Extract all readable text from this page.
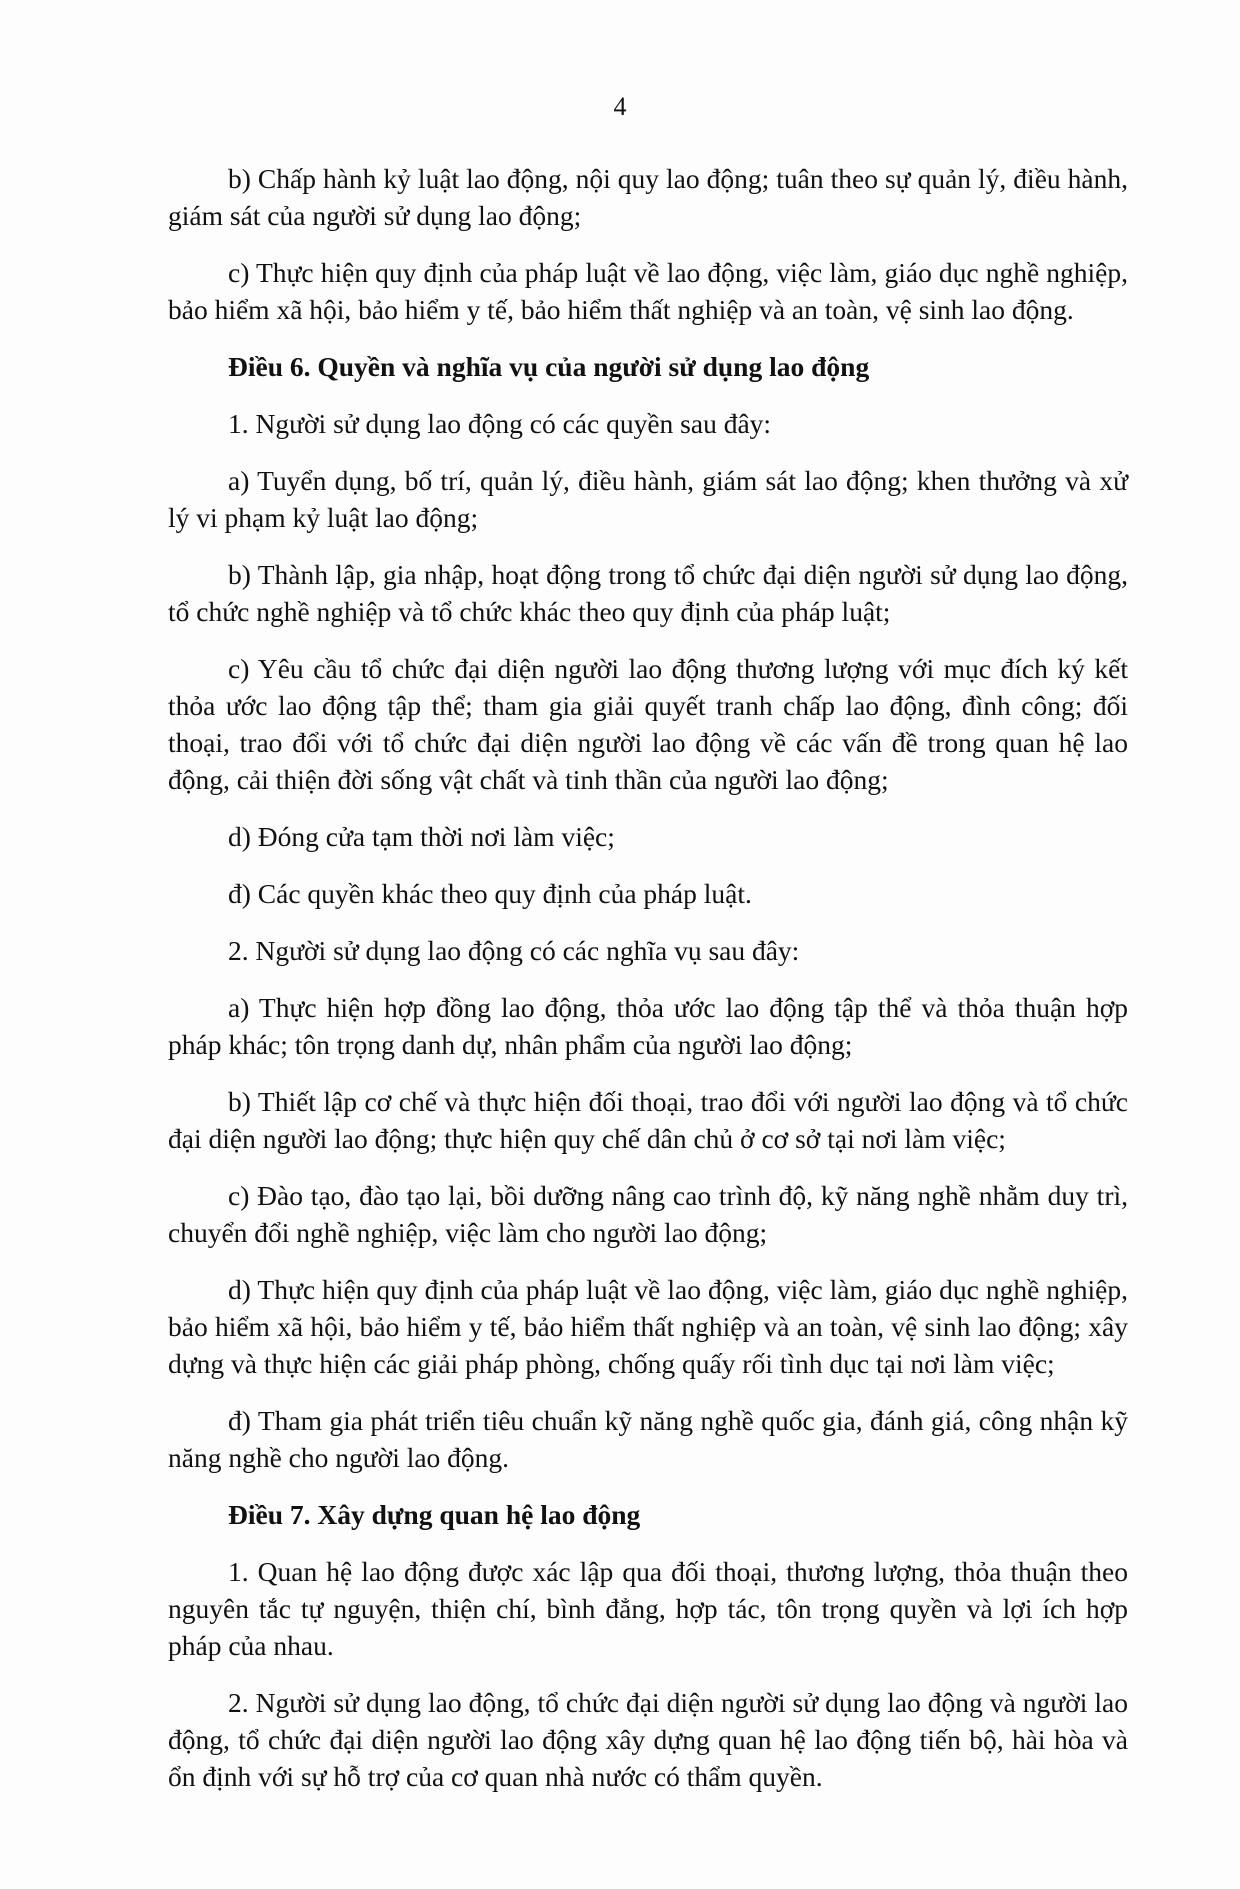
4

b) Chấp hành kỷ luật lao động, nội quy lao động; tuân theo sự quản lý, điều hành, giám sát của người sử dụng lao động;

c) Thực hiện quy định của pháp luật về lao động, việc làm, giáo dục nghề nghiệp, bảo hiểm xã hội, bảo hiểm y tế, bảo hiểm thất nghiệp và an toàn, vệ sinh lao động.

Điều 6. Quyền và nghĩa vụ của người sử dụng lao động

1. Người sử dụng lao động có các quyền sau đây:

a) Tuyển dụng, bố trí, quản lý, điều hành, giám sát lao động; khen thưởng và xử lý vi phạm kỷ luật lao động;

b) Thành lập, gia nhập, hoạt động trong tổ chức đại diện người sử dụng lao động, tổ chức nghề nghiệp và tổ chức khác theo quy định của pháp luật;

c) Yêu cầu tổ chức đại diện người lao động thương lượng với mục đích ký kết thỏa ước lao động tập thể; tham gia giải quyết tranh chấp lao động, đình công; đối thoại, trao đổi với tổ chức đại diện người lao động về các vấn đề trong quan hệ lao động, cải thiện đời sống vật chất và tinh thần của người lao động;

d) Đóng cửa tạm thời nơi làm việc;

đ) Các quyền khác theo quy định của pháp luật.

2. Người sử dụng lao động có các nghĩa vụ sau đây:

a) Thực hiện hợp đồng lao động, thỏa ước lao động tập thể và thỏa thuận hợp pháp khác; tôn trọng danh dự, nhân phẩm của người lao động;

b) Thiết lập cơ chế và thực hiện đối thoại, trao đổi với người lao động và tổ chức đại diện người lao động; thực hiện quy chế dân chủ ở cơ sở tại nơi làm việc;

c) Đào tạo, đào tạo lại, bồi dưỡng nâng cao trình độ, kỹ năng nghề nhằm duy trì, chuyển đổi nghề nghiệp, việc làm cho người lao động;

d) Thực hiện quy định của pháp luật về lao động, việc làm, giáo dục nghề nghiệp, bảo hiểm xã hội, bảo hiểm y tế, bảo hiểm thất nghiệp và an toàn, vệ sinh lao động; xây dựng và thực hiện các giải pháp phòng, chống quấy rối tình dục tại nơi làm việc;

đ) Tham gia phát triển tiêu chuẩn kỹ năng nghề quốc gia, đánh giá, công nhận kỹ năng nghề cho người lao động.

Điều 7. Xây dựng quan hệ lao động

1. Quan hệ lao động được xác lập qua đối thoại, thương lượng, thỏa thuận theo nguyên tắc tự nguyện, thiện chí, bình đẳng, hợp tác, tôn trọng quyền và lợi ích hợp pháp của nhau.

2. Người sử dụng lao động, tổ chức đại diện người sử dụng lao động và người lao động, tổ chức đại diện người lao động xây dựng quan hệ lao động tiến bộ, hài hòa và ổn định với sự hỗ trợ của cơ quan nhà nước có thẩm quyền.
